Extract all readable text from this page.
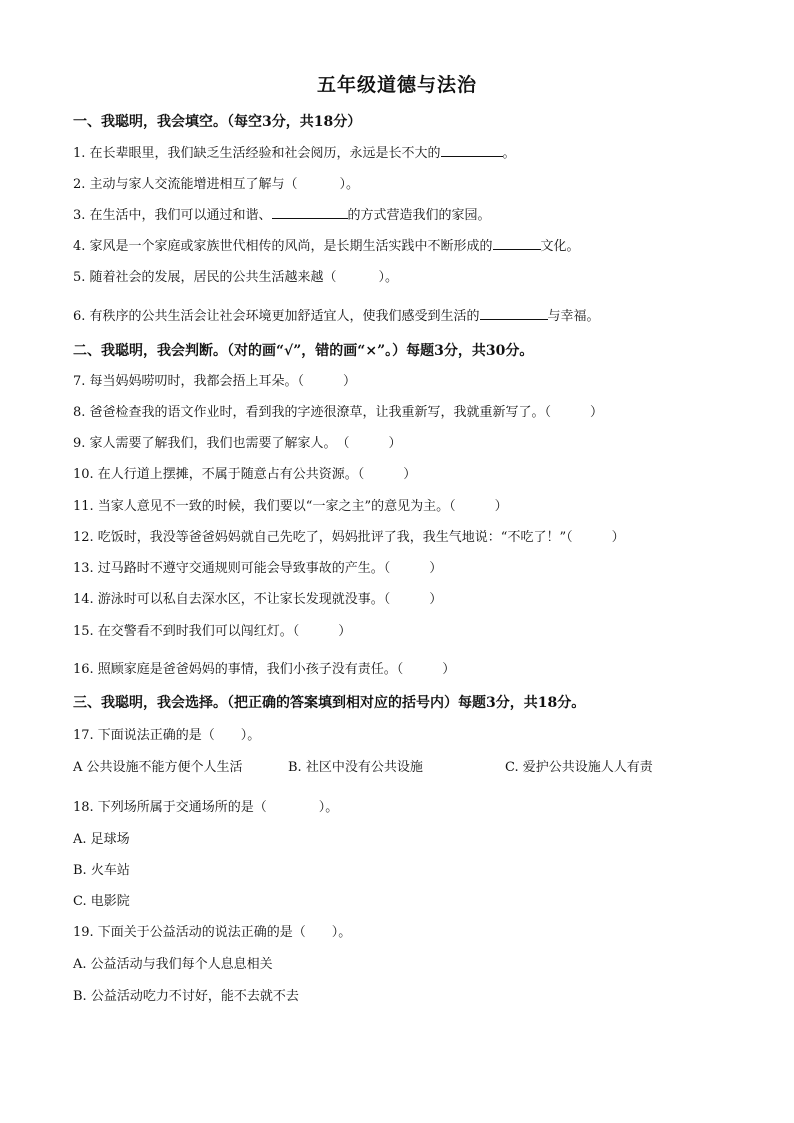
五年级道德与法治
一、我聪明，我会填空。（每空3分，共18分）
1. 在长辈眼里，我们缺乏生活经验和社会阅历，永远是长不大的	。
2. 主动与家人交流能增进相互了解与（	）。
3. 在生活中，我们可以通过和谐、	的方式营造我们的家园。
4. 家风是一个家庭或家族世代相传的风尚，是长期生活实践中不断形成的	文化。
5. 随着社会的发展，居民的公共生活越来越（	）。
6. 有秩序的公共生活会让社会环境更加舒适宜人，使我们感受到生活的	与幸福。
二、我聪明，我会判断。（对的画“√”，错的画“×”。）每题3分，共30分。
7. 每当妈妈唠叨时，我都会捂上耳朵。（　　　）
8. 爸爸检查我的语文作业时，看到我的字迹很潦草，让我重新写，我就重新写了。（　　　）
9. 家人需要了解我们，我们也需要了解家人。　（　　　）
10. 在人行道上摆摊，不属于随意占有公共资源。（　　　）
11. 当家人意见不一致的时候，我们要以“一家之主”的意见为主。（　　　）
12. 吃饭时，我没等爸爸妈妈就自己先吃了，妈妈批评了我，我生气地说：“不吃了！”（　　　）
13. 过马路时不遵守交通规则可能会导致事故的产生。（　　　）
14. 游泳时可以私自去深水区，不让家长发现就没事。（　　　）
15. 在交警看不到时我们可以闯红灯。（　　　）
16. 照顾家庭是爸爸妈妈的事情，我们小孩子没有责任。（　　　）
三、我聪明，我会选择。（把正确的答案填到相对应的括号内）每题3分，共18分。
17. 下面说法正确的是（　　）。
A 公共设施不能方便个人生活	B. 社区中没有公共设施	C. 爱护公共设施人人有责
18. 下列场所属于交通场所的是（　　　　）。
A. 足球场
B. 火车站
C. 电影院
19. 下面关于公益活动的说法正确的是（　　）。
A. 公益活动与我们每个人息息相关
B. 公益活动吃力不讨好，能不去就不去
